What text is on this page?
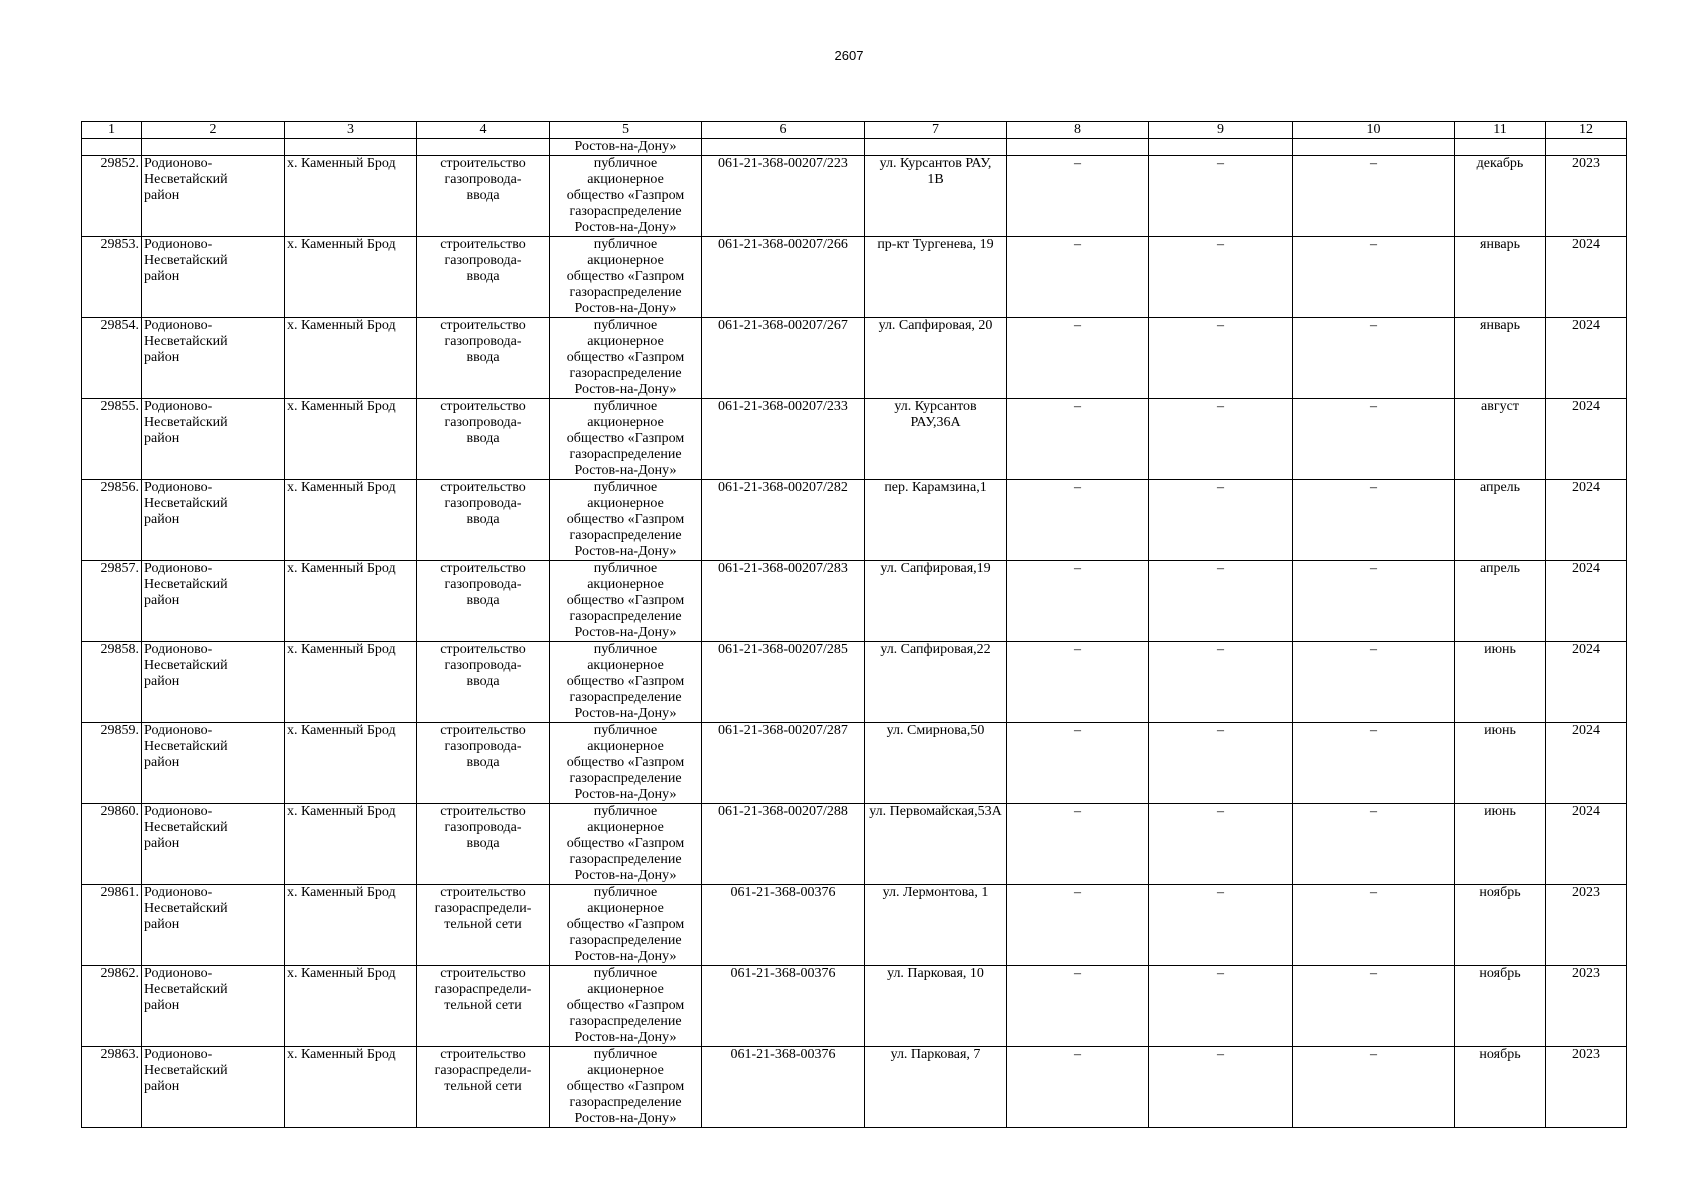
2607
1	2	3	4	5	6	7	8	9	10	11	12
				Ростов-на-Дону»							
29852.	Родионово-
Несветайский
район	х. Каменный Брод	строительство
газопровода-
ввода	публичное
акционерное
общество «Газпром
газораспределение
Ростов-на-Дону»	061-21-368-00207/223	ул. Курсантов РАУ,
1В	–	–	–	декабрь	2023
29853.	Родионово-
Несветайский
район	х. Каменный Брод	строительство
газопровода-
ввода	публичное
акционерное
общество «Газпром
газораспределение
Ростов-на-Дону»	061-21-368-00207/266	пр-кт Тургенева, 19	–	–	–	январь	2024
29854.	Родионово-
Несветайский
район	х. Каменный Брод	строительство
газопровода-
ввода	публичное
акционерное
общество «Газпром
газораспределение
Ростов-на-Дону»	061-21-368-00207/267	ул. Сапфировая, 20	–	–	–	январь	2024
29855.	Родионово-
Несветайский
район	х. Каменный Брод	строительство
газопровода-
ввода	публичное
акционерное
общество «Газпром
газораспределение
Ростов-на-Дону»	061-21-368-00207/233	ул. Курсантов
РАУ,36А	–	–	–	август	2024
29856.	Родионово-
Несветайский
район	х. Каменный Брод	строительство
газопровода-
ввода	публичное
акционерное
общество «Газпром
газораспределение
Ростов-на-Дону»	061-21-368-00207/282	пер. Карамзина,1	–	–	–	апрель	2024
29857.	Родионово-
Несветайский
район	х. Каменный Брод	строительство
газопровода-
ввода	публичное
акционерное
общество «Газпром
газораспределение
Ростов-на-Дону»	061-21-368-00207/283	ул. Сапфировая,19	–	–	–	апрель	2024
29858.	Родионово-
Несветайский
район	х. Каменный Брод	строительство
газопровода-
ввода	публичное
акционерное
общество «Газпром
газораспределение
Ростов-на-Дону»	061-21-368-00207/285	ул. Сапфировая,22	–	–	–	июнь	2024
29859.	Родионово-
Несветайский
район	х. Каменный Брод	строительство
газопровода-
ввода	публичное
акционерное
общество «Газпром
газораспределение
Ростов-на-Дону»	061-21-368-00207/287	ул. Смирнова,50	–	–	–	июнь	2024
29860.	Родионово-
Несветайский
район	х. Каменный Брод	строительство
газопровода-
ввода	публичное
акционерное
общество «Газпром
газораспределение
Ростов-на-Дону»	061-21-368-00207/288	ул. Первомайская,53А	–	–	–	июнь	2024
29861.	Родионово-
Несветайский
район	х. Каменный Брод	строительство
газораспредели-
тельной сети	публичное
акционерное
общество «Газпром
газораспределение
Ростов-на-Дону»	061-21-368-00376	ул. Лермонтова, 1	–	–	–	ноябрь	2023
29862.	Родионово-
Несветайский
район	х. Каменный Брод	строительство
газораспредели-
тельной сети	публичное
акционерное
общество «Газпром
газораспределение
Ростов-на-Дону»	061-21-368-00376	ул. Парковая, 10	–	–	–	ноябрь	2023
29863.	Родионово-
Несветайский
район	х. Каменный Брод	строительство
газораспредели-
тельной сети	публичное
акционерное
общество «Газпром
газораспределение
Ростов-на-Дону»	061-21-368-00376	ул. Парковая, 7	–	–	–	ноябрь	2023
